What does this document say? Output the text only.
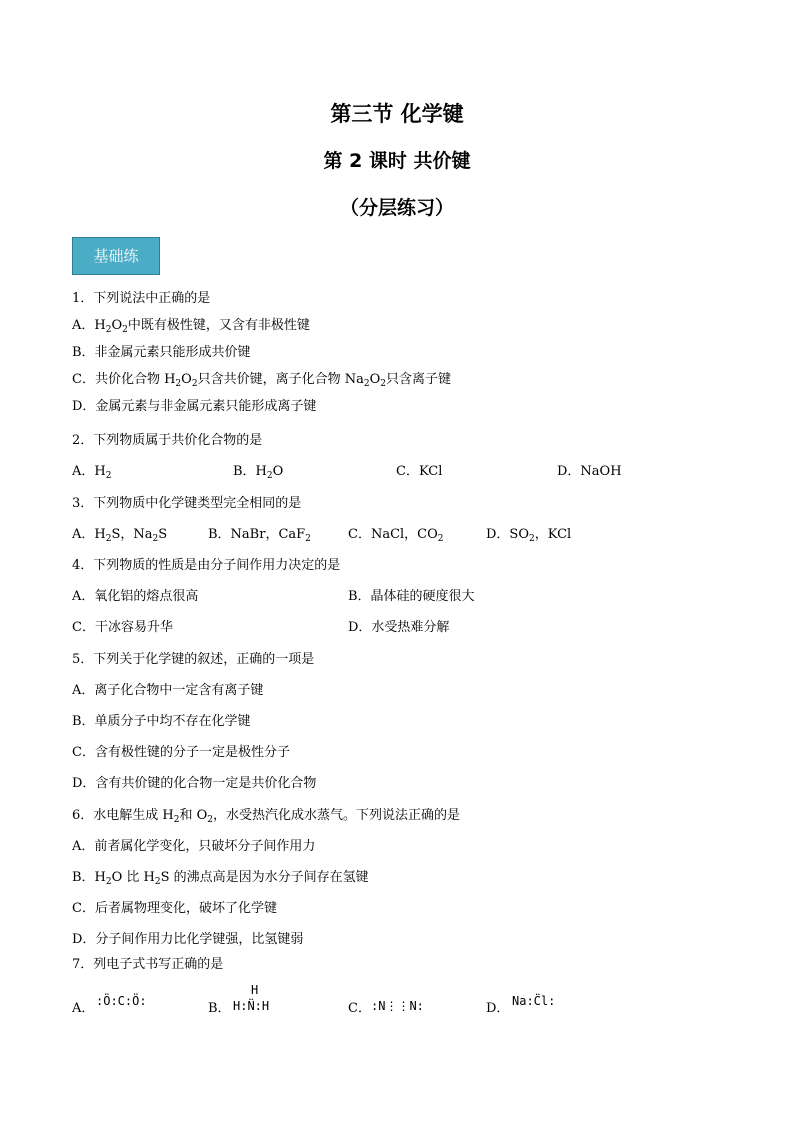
第三节 化学键
第 2 课时 共价键
（分层练习）
基础练
1．下列说法中正确的是
A．$H_2O_2$中既有极性键，又含有非极性键
B．非金属元素只能形成共价键
C．共价化合物 $H_2O_2$只含共价键，离子化合物 $Na_2O_2$只含离子键
D．金属元素与非金属元素只能形成离子键
2．下列物质属于共价化合物的是
A．$H_2$	B．$H_2O$	C．KCl	D．NaOH
3．下列物质中化学键类型完全相同的是
A．$H_2S$，$Na_2S$	B．NaBr，CaF$_2$	C．NaCl，$CO_2$	D．$SO_2$，KCl
4．下列物质的性质是由分子间作用力决定的是
A．氧化铝的熔点很高	B．晶体硅的硬度很大
C．干冰容易升华	D．水受热难分解
5．下列关于化学键的叙述，正确的一项是
A．离子化合物中一定含有离子键
B．单质分子中均不存在化学键
C．含有极性键的分子一定是极性分子
D．含有共价键的化合物一定是共价化合物
6．水电解生成 $H_2$和 $O_2$，水受热汽化成水蒸气。下列说法正确的是
A．前者属化学变化，只破坏分子间作用力
B．$H_2O$ 比 $H_2S$ 的沸点高是因为水分子间存在氢键
C．后者属物理变化，破坏了化学键
D．分子间作用力比化学键强，比氢键弱
7．列电子式书写正确的是
A． :Ö:C:Ö:	B．
H
H:N̈:H	C． :N⋮⋮N:	D． Na:C̈l:
